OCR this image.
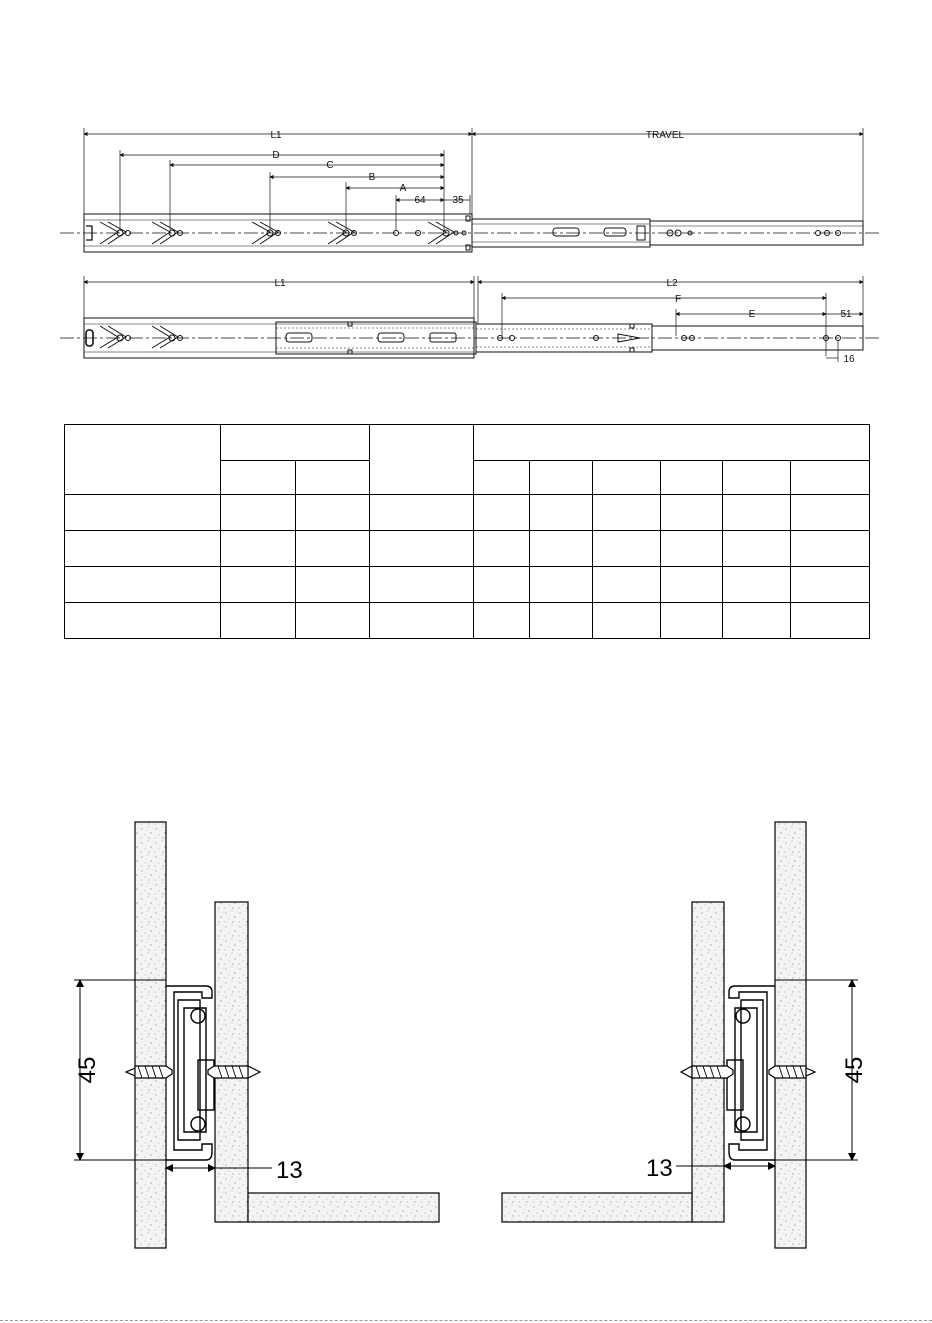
L1	TRAVEL
D
C
B
A
64	35
L1	L2
F
E	51
16

45
13
45
13
